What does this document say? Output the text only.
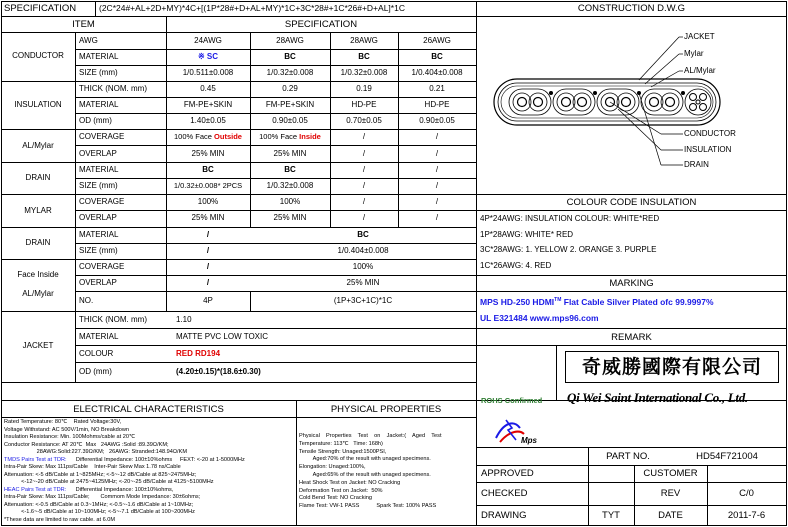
SPECIFICATION	(2C*24#+AL+2D+MY)*4C+[(1P*28#+D+AL+MY)*1C+3C*28#+1C*26#+D+AL]*1C	CONSTRUCTION D.W.G
ITEM	SPECIFICATION
CONDUCTOR
AWG	24AWG	28AWG	28AWG	26AWG
MATERIAL	※ SC	BC	BC	BC
SIZE (mm)	1/0.511±0.008	1/0.32±0.008	1/0.32±0.008	1/0.404±0.008
INSULATION
THICK (NOM. mm)	0.45	0.29	0.19	0.21
MATERIAL	FM-PE+SKIN	FM-PE+SKIN	HD-PE	HD-PE
OD (mm)	1.40±0.05	0.90±0.05	0.70±0.05	0.90±0.05
AL/Mylar
COVERAGE	100% Face Outside	100% Face Inside	/	/
OVERLAP	25% MIN	25% MIN	/	/
DRAIN
MATERIAL	BC	BC	/	/
SIZE (mm)	1/0.32±0.008* 2PCS	1/0.32±0.008	/	/
MYLAR
COVERAGE	100%	100%	/	/
OVERLAP	25% MIN	25% MIN	/	/
DRAIN
MATERIAL	/	BC
SIZE (mm)	/	1/0.404±0.008
Face Inside
AL/Mylar
COVERAGE	/	100%
OVERLAP	/	25% MIN
NO.	4P	(1P+3C+1C)*1C
JACKET
THICK (NOM. mm)	1.10
MATERIAL	MATTE PVC LOW TOXIC
COLOUR	RED RD194
OD (mm)	(4.20±0.15)*(18.6±0.30)
JACKET
Mylar
AL/Mylar
CONDUCTOR
INSULATION
DRAIN
COLOUR CODE INSULATION
4P*24AWG: INSULATION COLOUR: WHITE*RED
1P*28AWG: WHITE* RED
3C*28AWG: 1. YELLOW 2. ORANGE 3. PURPLE
1C*26AWG: 4. RED
MARKING
MPS HD-250 HDMI™ Flat Cable Silver Plated ofc 99.9997%
UL E321484 www.mps96.com
REMARK
ROHS Confirmed
奇威勝國際有限公司
Qi Wei Saint International Co., Ltd.
ELECTRICAL CHARACTERISTICS
Rated Temperature: 80℃    Rated Voltage:30V,
Voltage Withstand: AC 500V/1min, NO Breakdown
Insulation Resistance: Min. 100Mohms/cable at 20℃
Conductor Resistance: AT 20℃  Max   24AWG :Solid :89.39Ω/KM;
28AWG:Solid:227.39Ω/KM;   26AWG: Stranded:148.94Ω/KM
TMDS Pairs Test at TDR:      Differential Impedance: 100±10%ohms     FEXT: <-20 at 1-5000MHz
Intra-Pair Skew: Max 111ps/Cable    Inter-Pair Skew Max 1.78 ns/Cable
Attenuation: <-5 dB/Cable at 1~825MHz; <-5~-12 dB/Cable at 825~2475MHz;
<-12~-20 dB/Cable at 2475~4125MHz; <-20~-25 dB/Cable at 4125~5100MHz
HEAC Pairs Test at TDR:      Differential Impedance: 100±10%ohms,
Intra-Pair Skew: Max 111ps/Cable;       Commom Mode Impedance: 30±6ohms;
Attenuation: <-0.5 dB/Cable at 0.3~1MHz; <-0.5~-1.6 dB/Cable at 1~10MHz;
<-1.6~-5 dB/Cable at 10~100MHz; <-5~-7.1 dB/Cable at 100~200MHz
*These data are limited to raw cable. at 6.0M
PHYSICAL PROPERTIES
Physical    Properties    Test    on    Jacket:(    Aged    Test
Temperature: 113℃   Time: 168h)
Tensile Strength: Unaged:1500PSI,
Aged:70% of the result with unaged specimens.
Elongation: Unaged:100%,
Aged:65% of the result with unaged specimens.
Heat Shock Test on Jacket: NO Cracking
Deformation Test on Jacket:  50%
Cold Bend Test: NO Cracking
Flame Test: VW-1 PASS           Spark Test: 100% PASS
Mps
PART NO.	HD54F721004
APPROVED	CUSTOMER
CHECKED	REV	C/0
DRAWING	TYT	DATE	2011-7-6
